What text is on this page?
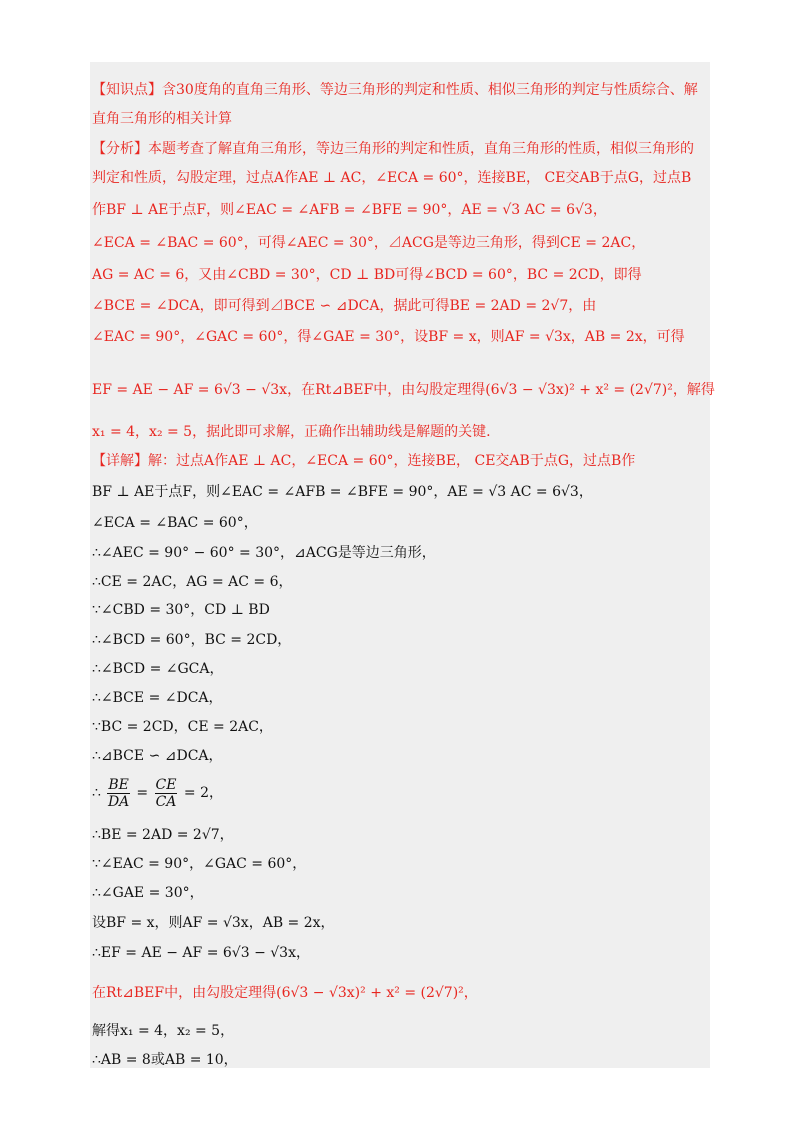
【知识点】含30度角的直角三角形、等边三角形的判定和性质、相似三角形的判定与性质综合、解
直角三角形的相关计算
【分析】本题考查了解直角三角形，等边三角形的判定和性质，直角三角形的性质，相似三角形的
判定和性质，勾股定理，过点A作AE ⊥ AC，∠ECA = 60°，连接BE， CE交AB于点G，过点B
作BF ⊥ AE于点F，则∠EAC = ∠AFB = ∠BFE = 90°，AE = √3 AC = 6√3，
∠ECA = ∠BAC = 60°，可得∠AEC = 30°，⊿ACG是等边三角形，得到CE = 2AC，
AG = AC = 6，又由∠CBD = 30°，CD ⊥ BD可得∠BCD = 60°，BC = 2CD，即得
∠BCE = ∠DCA，即可得到⊿BCE ∽ ⊿DCA，据此可得BE = 2AD = 2√7，由
∠EAC = 90°，∠GAC = 60°，得∠GAE = 30°，设BF = x，则AF = √3x，AB = 2x，可得
EF = AE − AF = 6√3 − √3x，在Rt⊿BEF中，由勾股定理得(6√3 − √3x)² + x² = (2√7)²，解得
x₁ = 4，x₂ = 5，据此即可求解，正确作出辅助线是解题的关键.
【详解】解：过点A作AE ⊥ AC，∠ECA = 60°，连接BE， CE交AB于点G，过点B作
BF ⊥ AE于点F，则∠EAC = ∠AFB = ∠BFE = 90°，AE = √3 AC = 6√3，
∠ECA = ∠BAC = 60°，
∴∠AEC = 90° − 60° = 30°，⊿ACG是等边三角形，
∴CE = 2AC，AG = AC = 6，
∵∠CBD = 30°，CD ⊥ BD
∴∠BCD = 60°，BC = 2CD，
∴∠BCD = ∠GCA，
∴∠BCE = ∠DCA，
∵BC = 2CD，CE = 2AC，
∴⊿BCE ∽ ⊿DCA，
∴ $\frac{BE}{DA} = \frac{CE}{CA} = 2$，
∴BE = 2AD = 2√7，
∵∠EAC = 90°，∠GAC = 60°，
∴∠GAE = 30°，
设BF = x，则AF = √3x，AB = 2x，
∴EF = AE − AF = 6√3 − √3x，
在Rt⊿BEF中，由勾股定理得(6√3 − √3x)² + x² = (2√7)²，
解得x₁ = 4，x₂ = 5，
∴AB = 8或AB = 10，
